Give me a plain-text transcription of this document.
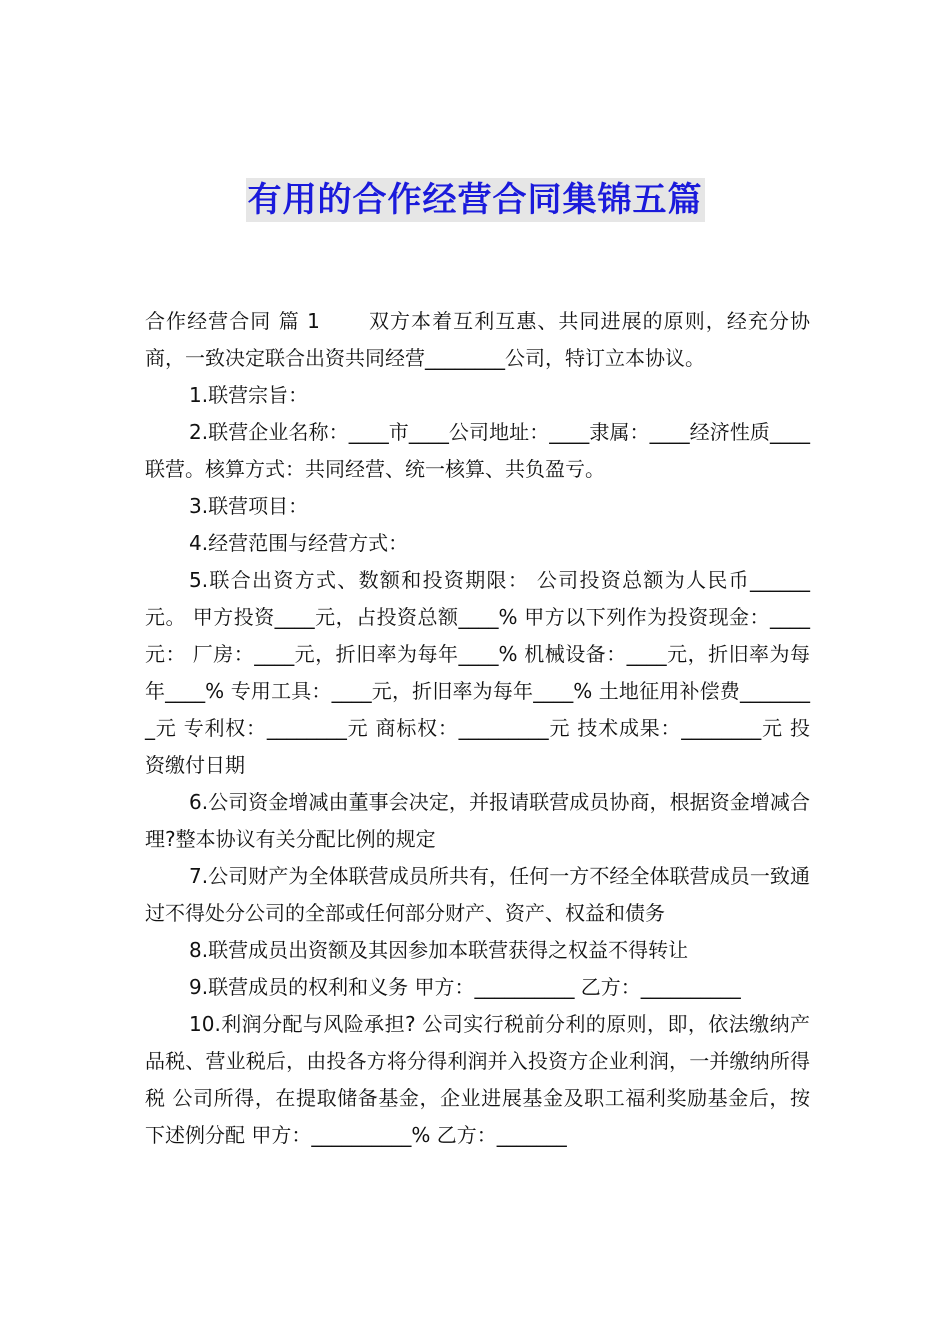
有用的合作经营合同集锦五篇

合作经营合同 篇 1 双方本着互利互惠、共同进展的原则，经充分协商，一致决定联合出资共同经营________公司，特订立本协议。

1.联营宗旨：

2.联营企业名称：____市____公司地址：____隶属：____经济性质____联营。核算方式：共同经营、统一核算、共负盈亏。

3.联营项目：

4.经营范围与经营方式：

5.联合出资方式、数额和投资期限： 公司投资总额为人民币______元。 甲方投资____元，占投资总额____% 甲方以下列作为投资现金：____元： 厂房：____元，折旧率为每年____% 机械设备：____元，折旧率为每年____% 专用工具：____元，折旧率为每年____% 土地征用补偿费________元 专利权：________元 商标权：_________元 技术成果：________元 投资缴付日期

6.公司资金增减由董事会决定，并报请联营成员协商，根据资金增减合理?整本协议有关分配比例的规定

7.公司财产为全体联营成员所共有，任何一方不经全体联营成员一致通过不得处分公司的全部或任何部分财产、资产、权益和债务

8.联营成员出资额及其因参加本联营获得之权益不得转让

9.联营成员的权利和义务 甲方：__________ 乙方：__________

10.利润分配与风险承担? 公司实行税前分利的原则，即，依法缴纳产品税、营业税后，由投各方将分得利润并入投资方企业利润，一并缴纳所得税 公司所得，在提取储备基金，企业进展基金及职工福利奖励基金后，按下述例分配 甲方：__________% 乙方：_______
